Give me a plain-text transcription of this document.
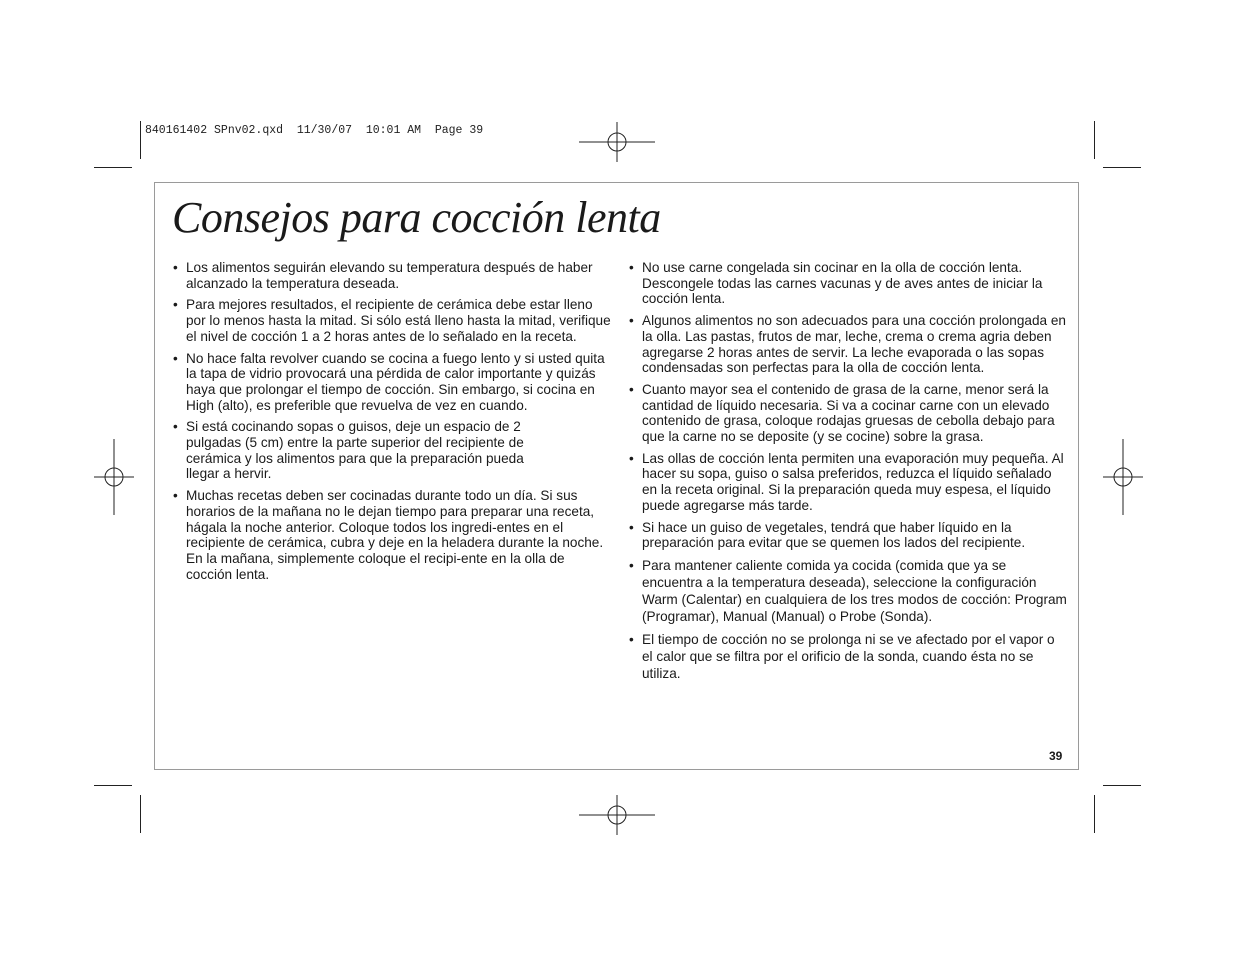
840161402 SPnv02.qxd  11/30/07  10:01 AM  Page 39
Consejos para cocción lenta
• Los alimentos seguirán elevando su temperatura después de haber alcanzado la temperatura deseada.
• Para mejores resultados, el recipiente de cerámica debe estar lleno por lo menos hasta la mitad. Si sólo está lleno hasta la mitad, verifique el nivel de cocción 1 a 2 horas antes de lo señalado en la receta.
• No hace falta revolver cuando se cocina a fuego lento y si usted quita la tapa de vidrio provocará una pérdida de calor importante y quizás haya que prolongar el tiempo de cocción. Sin embargo, si cocina en High (alto), es preferible que revuelva de vez en cuando.
• Si está cocinando sopas o guisos, deje un espacio de 2 pulgadas (5 cm) entre la parte superior del recipiente de cerámica y los alimentos para que la preparación pueda llegar a hervir.
• Muchas recetas deben ser cocinadas durante todo un día. Si sus horarios de la mañana no le dejan tiempo para preparar una receta, hágala la noche anterior. Coloque todos los ingredi-entes en el recipiente de cerámica, cubra y deje en la heladera durante la noche. En la mañana, simplemente coloque el recipi-ente en la olla de cocción lenta.
• No use carne congelada sin cocinar en la olla de cocción lenta. Descongele todas las carnes vacunas y de aves antes de iniciar la cocción lenta.
• Algunos alimentos no son adecuados para una cocción prolongada en la olla. Las pastas, frutos de mar, leche, crema o crema agria deben agregarse 2 horas antes de servir. La leche evaporada o las sopas condensadas son perfectas para la olla de cocción lenta.
• Cuanto mayor sea el contenido de grasa de la carne, menor será la cantidad de líquido necesaria. Si va a cocinar carne con un elevado contenido de grasa, coloque rodajas gruesas de cebolla debajo para que la carne no se deposite (y se cocine) sobre la grasa.
• Las ollas de cocción lenta permiten una evaporación muy pequeña. Al hacer su sopa, guiso o salsa preferidos, reduzca el líquido señalado en la receta original. Si la preparación queda muy espesa, el líquido puede agregarse más tarde.
• Si hace un guiso de vegetales, tendrá que haber líquido en la preparación para evitar que se quemen los lados del recipiente.
• Para mantener caliente comida ya cocida (comida que ya se encuentra a la temperatura deseada), seleccione la configuración Warm (Calentar) en cualquiera de los tres modos de cocción: Program (Programar), Manual (Manual) o Probe (Sonda).
• El tiempo de cocción no se prolonga ni se ve afectado por el vapor o el calor que se filtra por el orificio de la sonda, cuando ésta no se utiliza.
39
